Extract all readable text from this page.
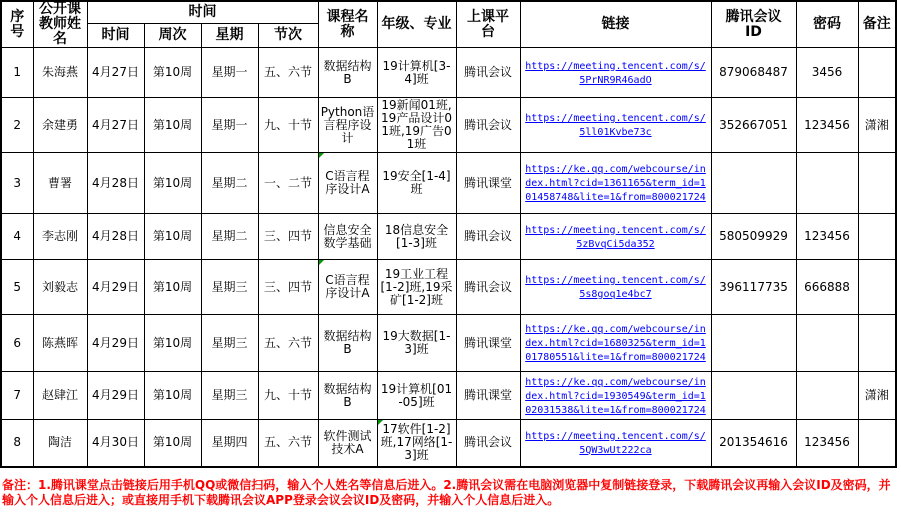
序号	公开课教师姓名	时间				课程名称	年级、专业	上课平台	链接	腾讯会议ID	密码	备注
		时间	周次	星期	节次							
1	朱海燕	4月27日	第10周	星期一	五、六节	数据结构B	19计算机[3-4]班	腾讯会议	https://meeting.tencent.com/s/5PrNR9R46adO	879068487	3456	
2	余建勇	4月27日	第10周	星期一	九、十节	Python语言程序设计	19新闻01班,19产品设计01班,19广告01班	腾讯会议	https://meeting.tencent.com/s/5ll01Kvbe73c	352667051	123456	潇湘
3	曹署	4月28日	第10周	星期二	一、二节	C语言程序设计A	19安全[1-4]班	腾讯课堂	https://ke.qq.com/webcourse/index.html?cid=1361165&term_id=101458748&lite=1&from=800021724			
4	李志刚	4月28日	第10周	星期二	三、四节	信息安全数学基础	18信息安全[1-3]班	腾讯会议	https://meeting.tencent.com/s/5zBvqCi5da352	580509929	123456	
5	刘毅志	4月29日	第10周	星期三	三、四节	C语言程序设计A	19工业工程[1-2]班,19采矿[1-2]班	腾讯会议	https://meeting.tencent.com/s/5s8goq1e4bc7	396117735	666888	
6	陈燕晖	4月29日	第10周	星期三	五、六节	数据结构B	19大数据[1-3]班	腾讯课堂	https://ke.qq.com/webcourse/index.html?cid=1680325&term_id=101780551&lite=1&from=800021724			
7	赵肆江	4月29日	第10周	星期三	九、十节	数据结构B	19计算机[01-05]班	腾讯课堂	https://ke.qq.com/webcourse/index.html?cid=1930549&term_id=102031538&lite=1&from=800021724			潇湘
8	陶洁	4月30日	第10周	星期四	五、六节	软件测试技术A	17软件[1-2]班,17网络[1-3]班	腾讯会议	https://meeting.tencent.com/s/5QW3wUt222ca	201354616	123456	
备注：1.腾讯课堂点击链接后用手机QQ或微信扫码，输入个人姓名等信息后进入。2.腾讯会议需在电脑浏览器中复制链接登录，下载腾讯会议再输入会议ID及密码，并输入个人信息后进入；或直接用手机下载腾讯会议APP登录会议会议ID及密码，并输入个人信息后进入。
